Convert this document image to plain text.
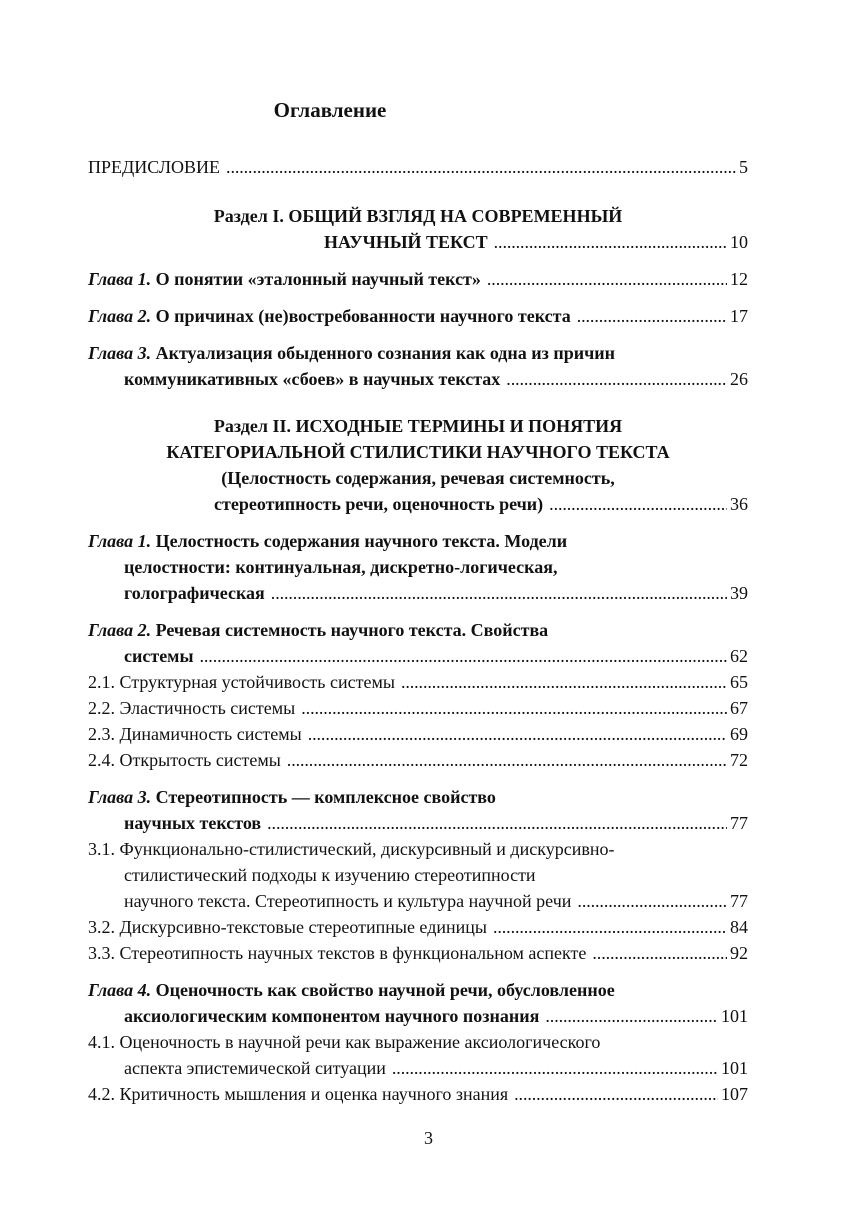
Оглавление
ПРЕДИСЛОВИЕ . . .	5
Раздел I. ОБЩИЙ ВЗГЛЯД НА СОВРЕМЕННЫЙ
НАУЧНЫЙ ТЕКСТ . . .	10
Глава 1. О понятии «эталонный научный текст» . . .	12
Глава 2. О причинах (не)востребованности научного текста . . .	17
Глава 3. Актуализация обыденного сознания как одна из причин
коммуникативных «сбоев» в научных текстах . . .	26
Раздел II. ИСХОДНЫЕ ТЕРМИНЫ И ПОНЯТИЯ
КАТЕГОРИАЛЬНОЙ СТИЛИСТИКИ НАУЧНОГО ТЕКСТА
(Целостность содержания, речевая системность,
стереотипность речи, оценочность речи) . . .	36
Глава 1. Целостность содержания научного текста. Модели
целостности: континуальная, дискретно-логическая,
голографическая . . .	39
Глава 2. Речевая системность научного текста. Свойства
системы . . .	62
2.1. Структурная устойчивость системы . . .	65
2.2. Эластичность системы . . .	67
2.3. Динамичность системы . . .	69
2.4. Открытость системы . . .	72
Глава 3. Стереотипность — комплексное свойство
научных текстов . . .	77
3.1. Функционально-стилистический, дискурсивный и дискурсивно-
стилистический подходы к изучению стереотипности
научного текста. Стереотипность и культура научной речи . . .	77
3.2. Дискурсивно-текстовые стереотипные единицы . . .	84
3.3. Стереотипность научных текстов в функциональном аспекте . . .	92
Глава 4. Оценочность как свойство научной речи, обусловленное
аксиологическим компонентом научного познания . . .	101
4.1. Оценочность в научной речи как выражение аксиологического
аспекта эпистемической ситуации . . .	101
4.2. Критичность мышления и оценка научного знания . . .	107
3
